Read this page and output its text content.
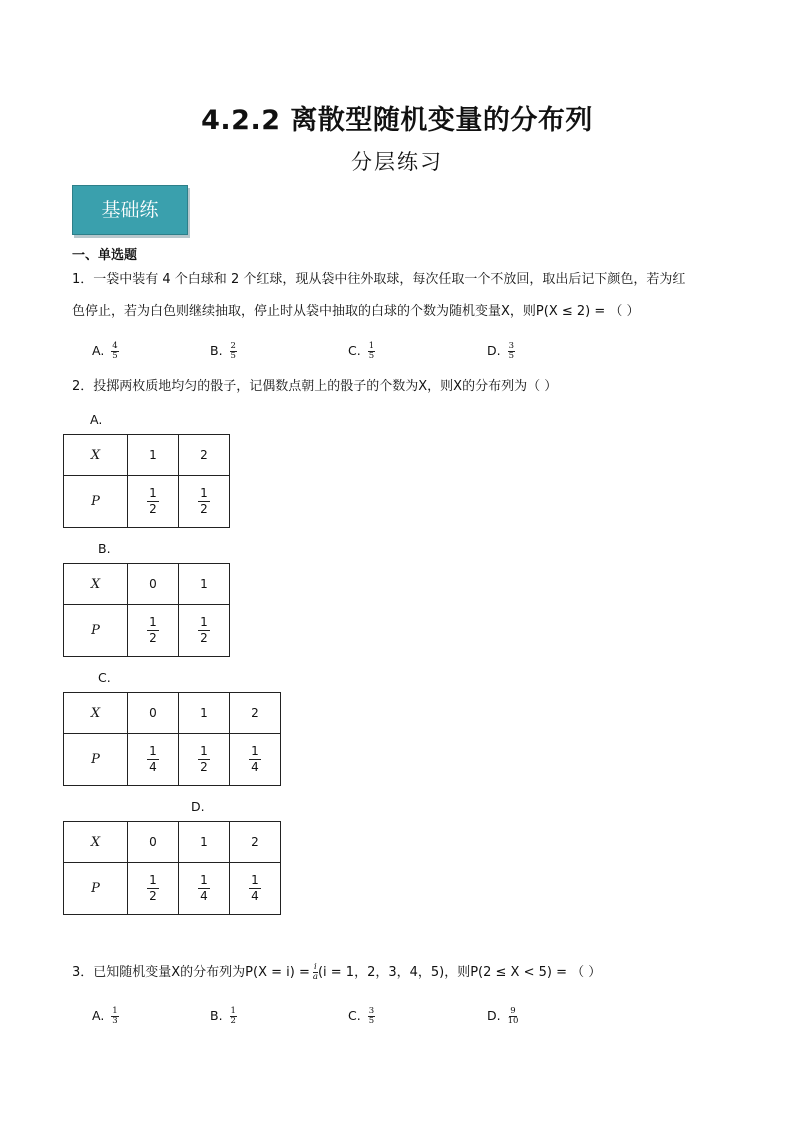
4.2.2 离散型随机变量的分布列
分层练习
基础练
一、单选题
1．一袋中装有 4 个白球和 2 个红球，现从袋中往外取球，每次任取一个不放回，取出后记下颜色，若为红
色停止，若为白色则继续抽取，停止时从袋中抽取的白球的个数为随机变量X，则P(X ≤ 2) = （ ）
A. $\frac{4}{5}$	B. $\frac{2}{5}$	C. $\frac{1}{5}$	D. $\frac{3}{5}$
2．投掷两枚质地均匀的骰子，记偶数点朝上的骰子的个数为X，则X的分布列为（ ）
A.
X	1	2
P	$\frac{1}{2}$	$\frac{1}{2}$
B.
X	0	1
P	$\frac{1}{2}$	$\frac{1}{2}$
C.
X	0	1	2
P	$\frac{1}{4}$	$\frac{1}{2}$	$\frac{1}{4}$
D.
X	0	1	2
P	$\frac{1}{2}$	$\frac{1}{4}$	$\frac{1}{4}$
3．已知随机变量X的分布列为$P(X = i) = \frac{i}{a} (i = 1$，2，3，4，5)，则P(2 ≤ X < 5) = （ ）
A. $\frac{1}{3}$	B. $\frac{1}{2}$	C. $\frac{3}{5}$	D. $\frac{9}{10}$
